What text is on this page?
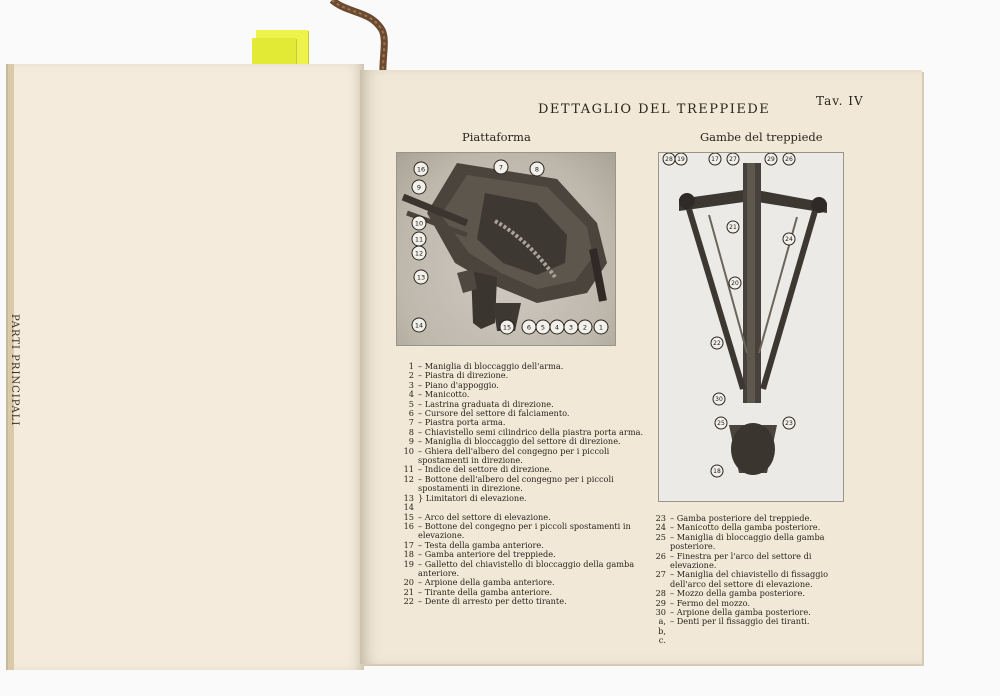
PARTI PRINCIPALI
DETTAGLIO DEL TREPPIEDE
Tav. IV
Piattaforma	Gambe del treppiede
16	7	8
9
10
11
12
13
14	15 6 5 4 3 2 1
28 19	17 27	29 26
21
20
22
30
25	23
24
18
1 – Maniglia di bloccaggio dell'arma.
2 – Piastra di direzione.
3 – Piano d'appoggio.
4 – Manicotto.
5 – Lastrina graduata di direzione.
6 – Cursore del settore di falciamento.
7 – Piastra porta arma.
8 – Chiavistello semi cilindrico della piastra porta arma.
9 – Maniglia di bloccaggio del settore di direzione.
10 – Ghiera dell'albero del congegno per i piccoli spostamenti in direzione.
11 – Indice del settore di direzione.
12 – Bottone dell'albero del congegno per i piccoli spostamenti in direzione.
13 14
} Limitatori di elevazione.
15 – Arco del settore di elevazione.
16 – Bottone del congegno per i piccoli spostamenti in elevazione.
17 – Testa della gamba anteriore.
18 – Gamba anteriore del treppiede.
19 – Galletto del chiavistello di bloccaggio della gamba anteriore.
20 – Arpione della gamba anteriore.
21 – Tirante della gamba anteriore.
22 – Dente di arresto per detto tirante.
23 – Gamba posteriore del treppiede.
24 – Manicotto della gamba posteriore.
25 – Maniglia di bloccaggio della gamba posteriore.
26 – Finestra per l'arco del settore di elevazione.
27 – Maniglia del chiavistello di fissaggio dell'arco del settore di elevazione.
28 – Mozzo della gamba posteriore.
29 – Fermo del mozzo.
30 – Arpione della gamba posteriore.
a, b, c.
– Denti per il fissaggio dei tiranti.
